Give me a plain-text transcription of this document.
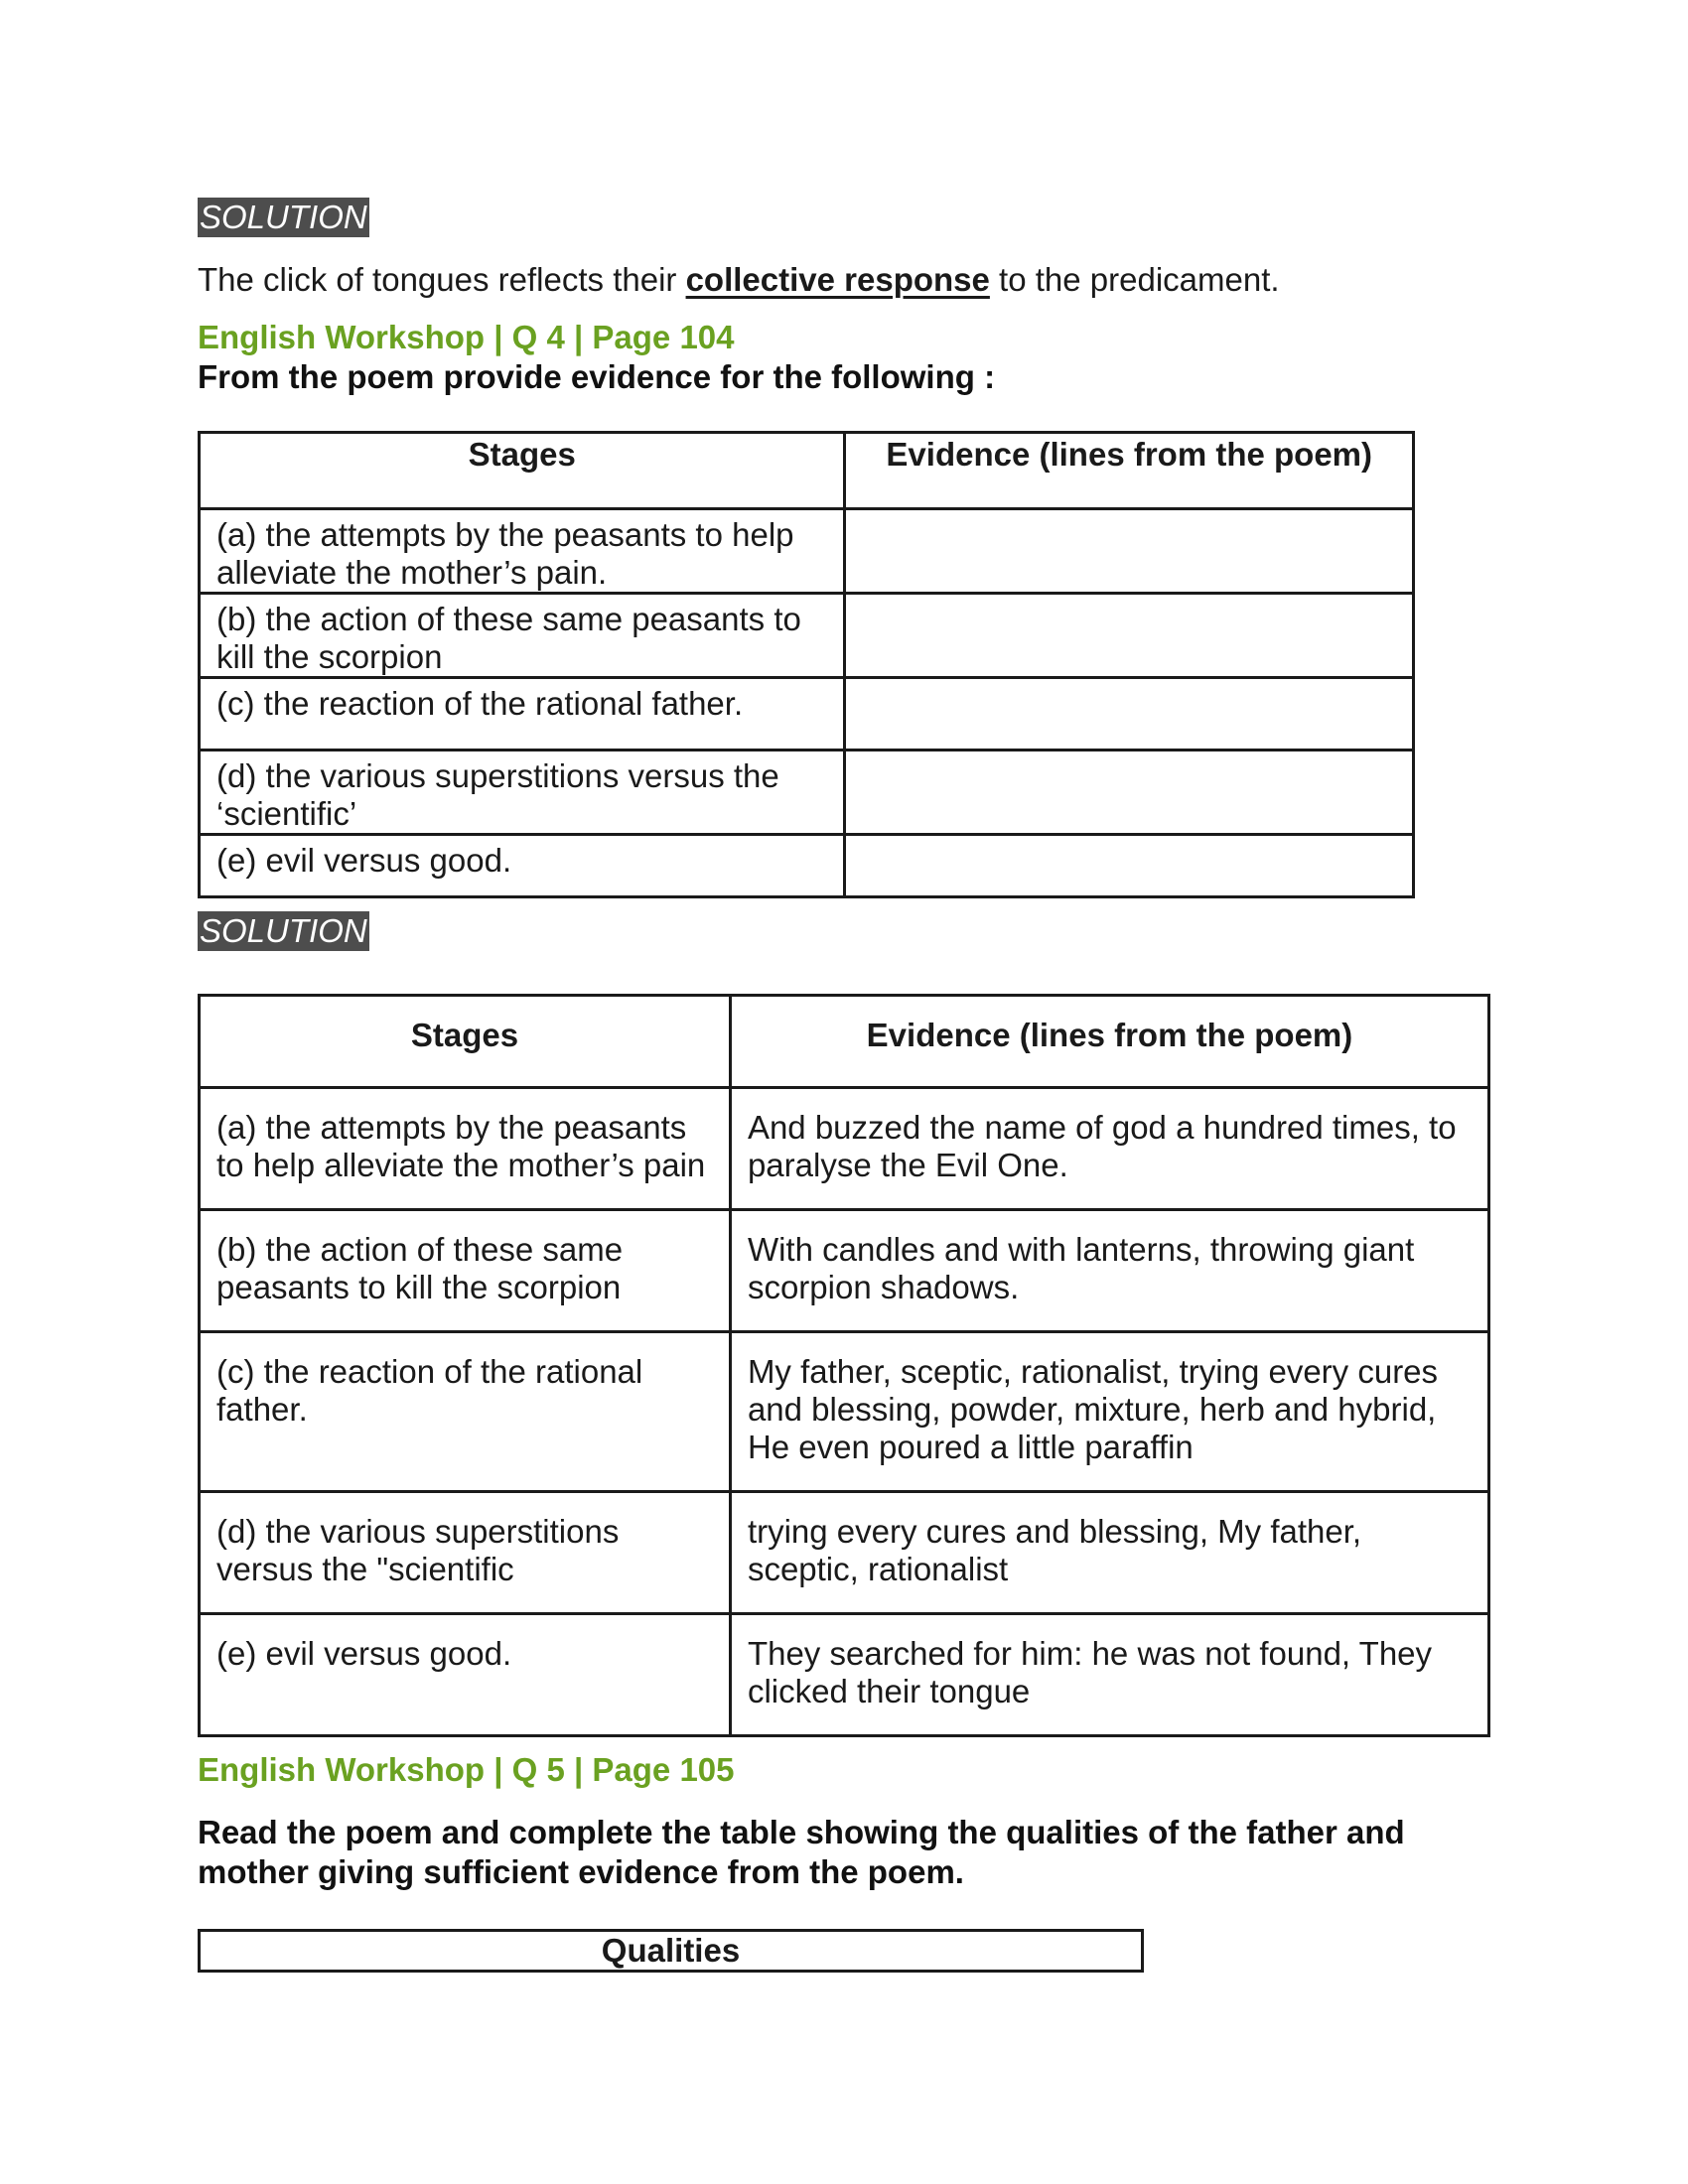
SOLUTION
The click of tongues reflects their collective response to the predicament.
English Workshop | Q 4 | Page 104
From the poem provide evidence for the following :
Stages	Evidence (lines from the poem)
(a) the attempts by the peasants to help alleviate the mother’s pain.	
(b) the action of these same peasants to kill the scorpion	
(c) the reaction of the rational father.	
(d) the various superstitions versus the ‘scientific’	
(e) evil versus good.	
SOLUTION
Stages	Evidence (lines from the poem)
(a) the attempts by the peasants to help alleviate the mother’s pain	And buzzed the name of god a hundred times, to paralyse the Evil One.
(b) the action of these same peasants to kill the scorpion	With candles and with lanterns, throwing giant scorpion shadows.
(c) the reaction of the rational father.	My father, sceptic, rationalist, trying every cures and blessing, powder, mixture, herb and hybrid, He even poured a little paraffin
(d) the various superstitions versus the "scientific	trying every cures and blessing, My father, sceptic, rationalist
(e) evil versus good.	They searched for him: he was not found, They clicked their tongue
English Workshop | Q 5 | Page 105
Read the poem and complete the table showing the qualities of the father and mother giving sufficient evidence from the poem.
Qualities
